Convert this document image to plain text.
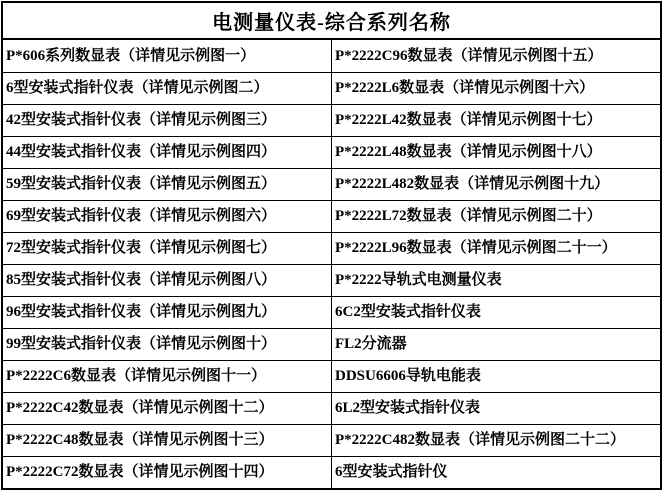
电测量仪表-综合系列名称
P*606系列数显表（详情见示例图一）	P*2222C96数显表（详情见示例图十五）
6型安装式指针仪表（详情见示例图二）	P*2222L6数显表（详情见示例图十六）
42型安装式指针仪表（详情见示例图三）	P*2222L42数显表（详情见示例图十七）
44型安装式指针仪表（详情见示例图四）	P*2222L48数显表（详情见示例图十八）
59型安装式指针仪表（详情见示例图五）	P*2222L482数显表（详情见示例图十九）
69型安装式指针仪表（详情见示例图六）	P*2222L72数显表（详情见示例图二十）
72型安装式指针仪表（详情见示例图七）	P*2222L96数显表（详情见示例图二十一）
85型安装式指针仪表（详情见示例图八）	P*2222导轨式电测量仪表
96型安装式指针仪表（详情见示例图九）	6C2型安装式指针仪表
99型安装式指针仪表（详情见示例图十）	FL2分流器
P*2222C6数显表（详情见示例图十一）	DDSU6606导轨电能表
P*2222C42数显表（详情见示例图十二）	6L2型安装式指针仪表
P*2222C48数显表（详情见示例图十三）	P*2222C482数显表（详情见示例图二十二）
P*2222C72数显表（详情见示例图十四）	6型安装式指针仪
